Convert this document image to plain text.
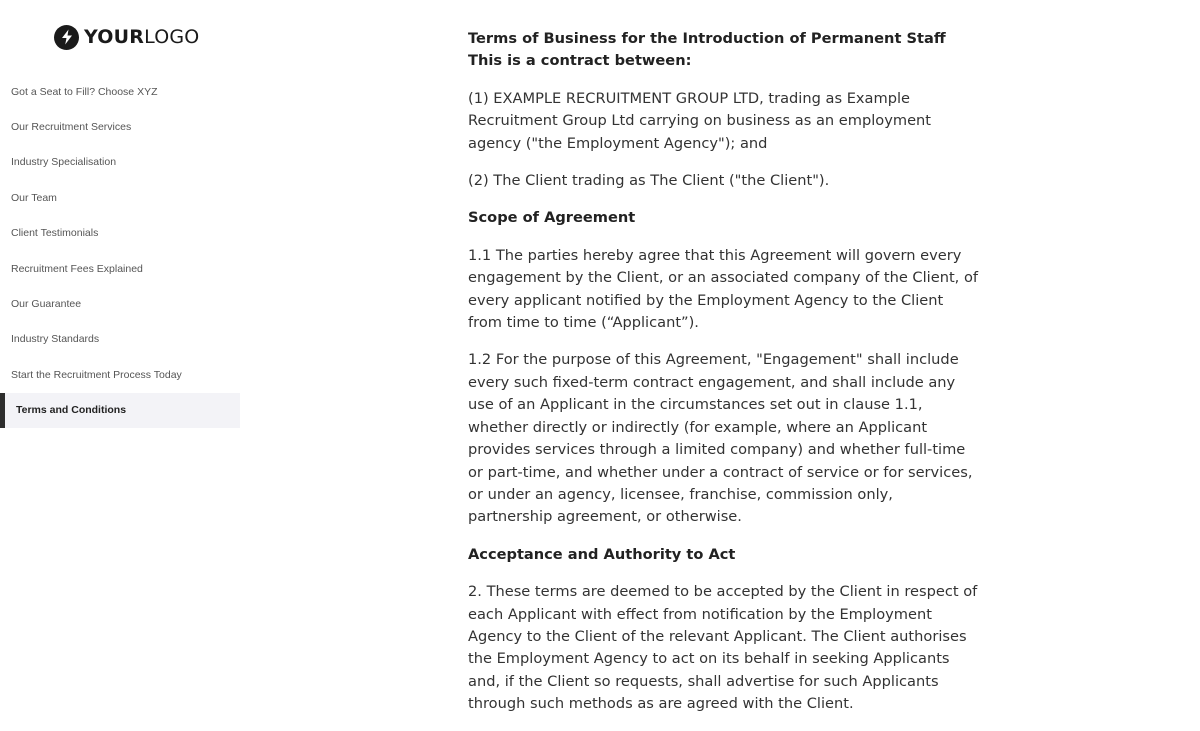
YOURLOGO
Got a Seat to Fill? Choose XYZ
Our Recruitment Services
Industry Specialisation
Our Team
Client Testimonials
Recruitment Fees Explained
Our Guarantee
Industry Standards
Start the Recruitment Process Today
Terms and Conditions
Terms of Business for the Introduction of Permanent Staff
This is a contract between:

(1) EXAMPLE RECRUITMENT GROUP LTD, trading as Example Recruitment Group Ltd carrying on business as an employment agency ("the Employment Agency"); and

(2) The Client trading as The Client ("the Client").

Scope of Agreement

1.1 The parties hereby agree that this Agreement will govern every engagement by the Client, or an associated company of the Client, of every applicant notified by the Employment Agency to the Client from time to time (“Applicant”).

1.2 For the purpose of this Agreement, "Engagement" shall include every such fixed-term contract engagement, and shall include any use of an Applicant in the circumstances set out in clause 1.1, whether directly or indirectly (for example, where an Applicant provides services through a limited company) and whether full-time or part-time, and whether under a contract of service or for services, or under an agency, licensee, franchise, commission only, partnership agreement, or otherwise.

Acceptance and Authority to Act

2. These terms are deemed to be accepted by the Client in respect of each Applicant with effect from notification by the Employment Agency to the Client of the relevant Applicant. The Client authorises the Employment Agency to act on its behalf in seeking Applicants and, if the Client so requests, shall advertise for such Applicants through such methods as are agreed with the Client.
